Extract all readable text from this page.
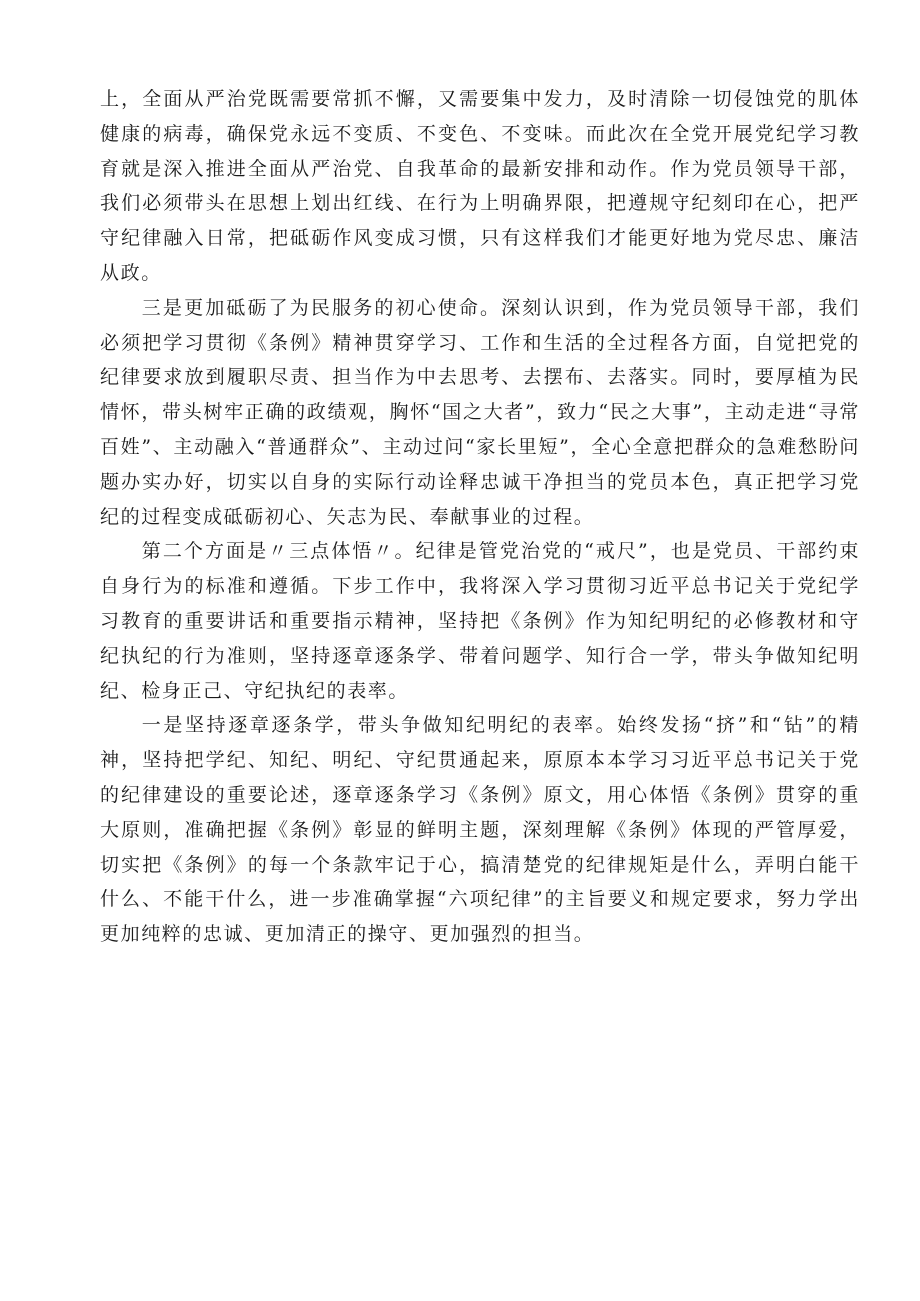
上，全面从严治党既需要常抓不懈，又需要集中发力，及时清除一切侵蚀党的肌体健康的病毒，确保党永远不变质、不变色、不变味。而此次在全党开展党纪学习教育就是深入推进全面从严治党、自我革命的最新安排和动作。作为党员领导干部，我们必须带头在思想上划出红线、在行为上明确界限，把遵规守纪刻印在心，把严守纪律融入日常，把砥砺作风变成习惯，只有这样我们才能更好地为党尽忠、廉洁从政。

三是更加砥砺了为民服务的初心使命。深刻认识到，作为党员领导干部，我们必须把学习贯彻《条例》精神贯穿学习、工作和生活的全过程各方面，自觉把党的纪律要求放到履职尽责、担当作为中去思考、去摆布、去落实。同时，要厚植为民情怀，带头树牢正确的政绩观，胸怀“国之大者”，致力“民之大事”，主动走进“寻常百姓”、主动融入“普通群众”、主动过问“家长里短”，全心全意把群众的急难愁盼问题办实办好，切实以自身的实际行动诠释忠诚干净担当的党员本色，真正把学习党纪的过程变成砥砺初心、矢志为民、奉献事业的过程。

第二个方面是〃三点体悟〃。纪律是管党治党的“戒尺”，也是党员、干部约束自身行为的标准和遵循。下步工作中，我将深入学习贯彻习近平总书记关于党纪学习教育的重要讲话和重要指示精神，坚持把《条例》作为知纪明纪的必修教材和守纪执纪的行为准则，坚持逐章逐条学、带着问题学、知行合一学，带头争做知纪明纪、检身正己、守纪执纪的表率。

一是坚持逐章逐条学，带头争做知纪明纪的表率。始终发扬“挤”和“钻”的精神，坚持把学纪、知纪、明纪、守纪贯通起来，原原本本学习习近平总书记关于党的纪律建设的重要论述，逐章逐条学习《条例》原文，用心体悟《条例》贯穿的重大原则，准确把握《条例》彰显的鲜明主题，深刻理解《条例》体现的严管厚爱，切实把《条例》的每一个条款牢记于心，搞清楚党的纪律规矩是什么，弄明白能干什么、不能干什么，进一步准确掌握“六项纪律”的主旨要义和规定要求，努力学出更加纯粹的忠诚、更加清正的操守、更加强烈的担当。
